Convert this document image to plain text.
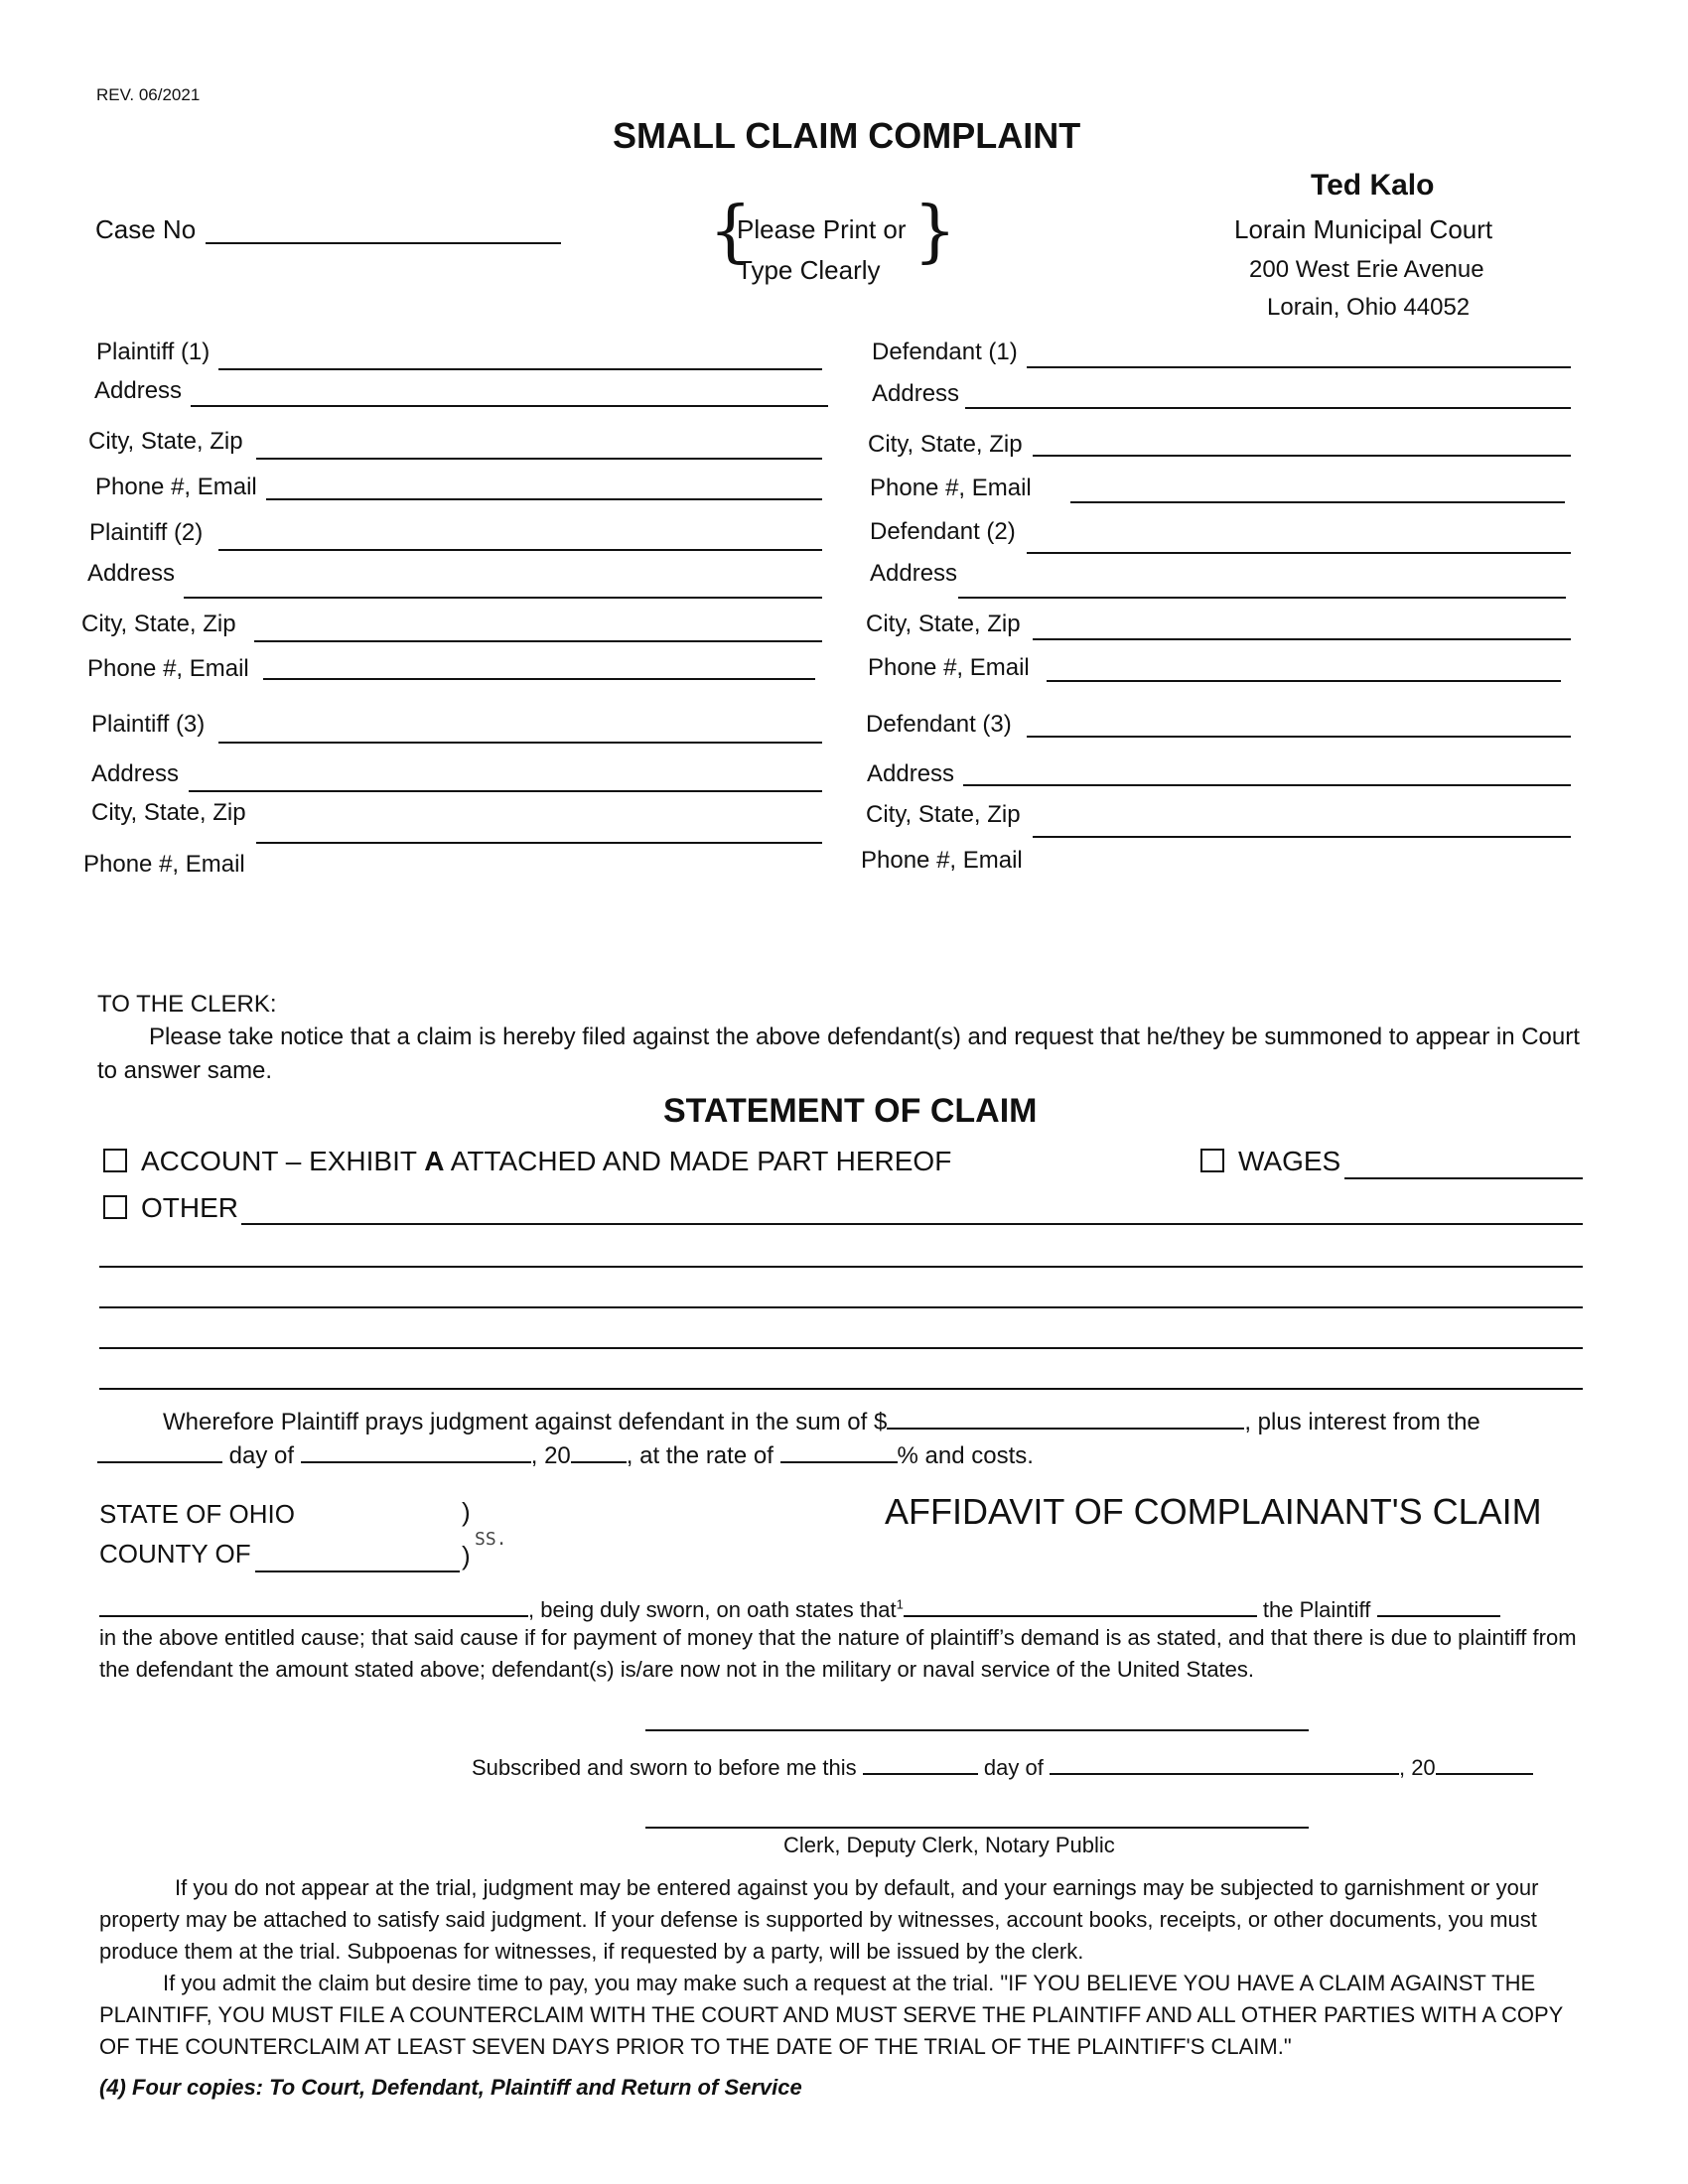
REV. 06/2021
SMALL CLAIM COMPLAINT
Case No	{
Please Print or
Type Clearly }
Ted Kalo
Lorain Municipal Court
200 West Erie Avenue
Lorain, Ohio 44052
Plaintiff (1)
Address
City, State, Zip
Phone #, Email
Plaintiff (2)
Address
City, State, Zip
Phone #, Email
Plaintiff (3)
Address
City, State, Zip
Phone #, Email
Defendant (1)
Address
City, State, Zip
Phone #, Email
Defendant (2)
Address
City, State, Zip
Phone #, Email
Defendant (3)
Address
City, State, Zip
Phone #, Email
TO THE CLERK:
Please take notice that a claim is hereby filed against the above defendant(s) and request that he/they be summoned to appear in Court to answer same.
STATEMENT OF CLAIM
ACCOUNT – EXHIBIT A ATTACHED AND MADE PART HEREOF	WAGES
OTHER
Wherefore Plaintiff prays judgment against defendant in the sum of $	, plus interest from the
day of	, 20 , at the rate of	% and costs.
STATE OF OHIO	)
SS.
COUNTY OF	)
AFFIDAVIT OF COMPLAINANT'S CLAIM
, being duly sworn, on oath states that$^1$	the Plaintiff
in the above entitled cause; that said cause if for payment of money that the nature of plaintiff’s demand is as stated, and that there is due to plaintiff from the defendant the amount stated above; defendant(s) is/are now not in the military or naval service of the United States.
Subscribed and sworn to before me this	day of	, 20
Clerk, Deputy Clerk, Notary Public
If you do not appear at the trial, judgment may be entered against you by default, and your earnings may be subjected to garnishment or your property may be attached to satisfy said judgment. If your defense is supported by witnesses, account books, receipts, or other documents, you must produce them at the trial. Subpoenas for witnesses, if requested by a party, will be issued by the clerk.
If you admit the claim but desire time to pay, you may make such a request at the trial. "IF YOU BELIEVE YOU HAVE A CLAIM AGAINST THE PLAINTIFF, YOU MUST FILE A COUNTERCLAIM WITH THE COURT AND MUST SERVE THE PLAINTIFF AND ALL OTHER PARTIES WITH A COPY OF THE COUNTERCLAIM AT LEAST SEVEN DAYS PRIOR TO THE DATE OF THE TRIAL OF THE PLAINTIFF'S CLAIM."
(4) Four copies: To Court, Defendant, Plaintiff and Return of Service
